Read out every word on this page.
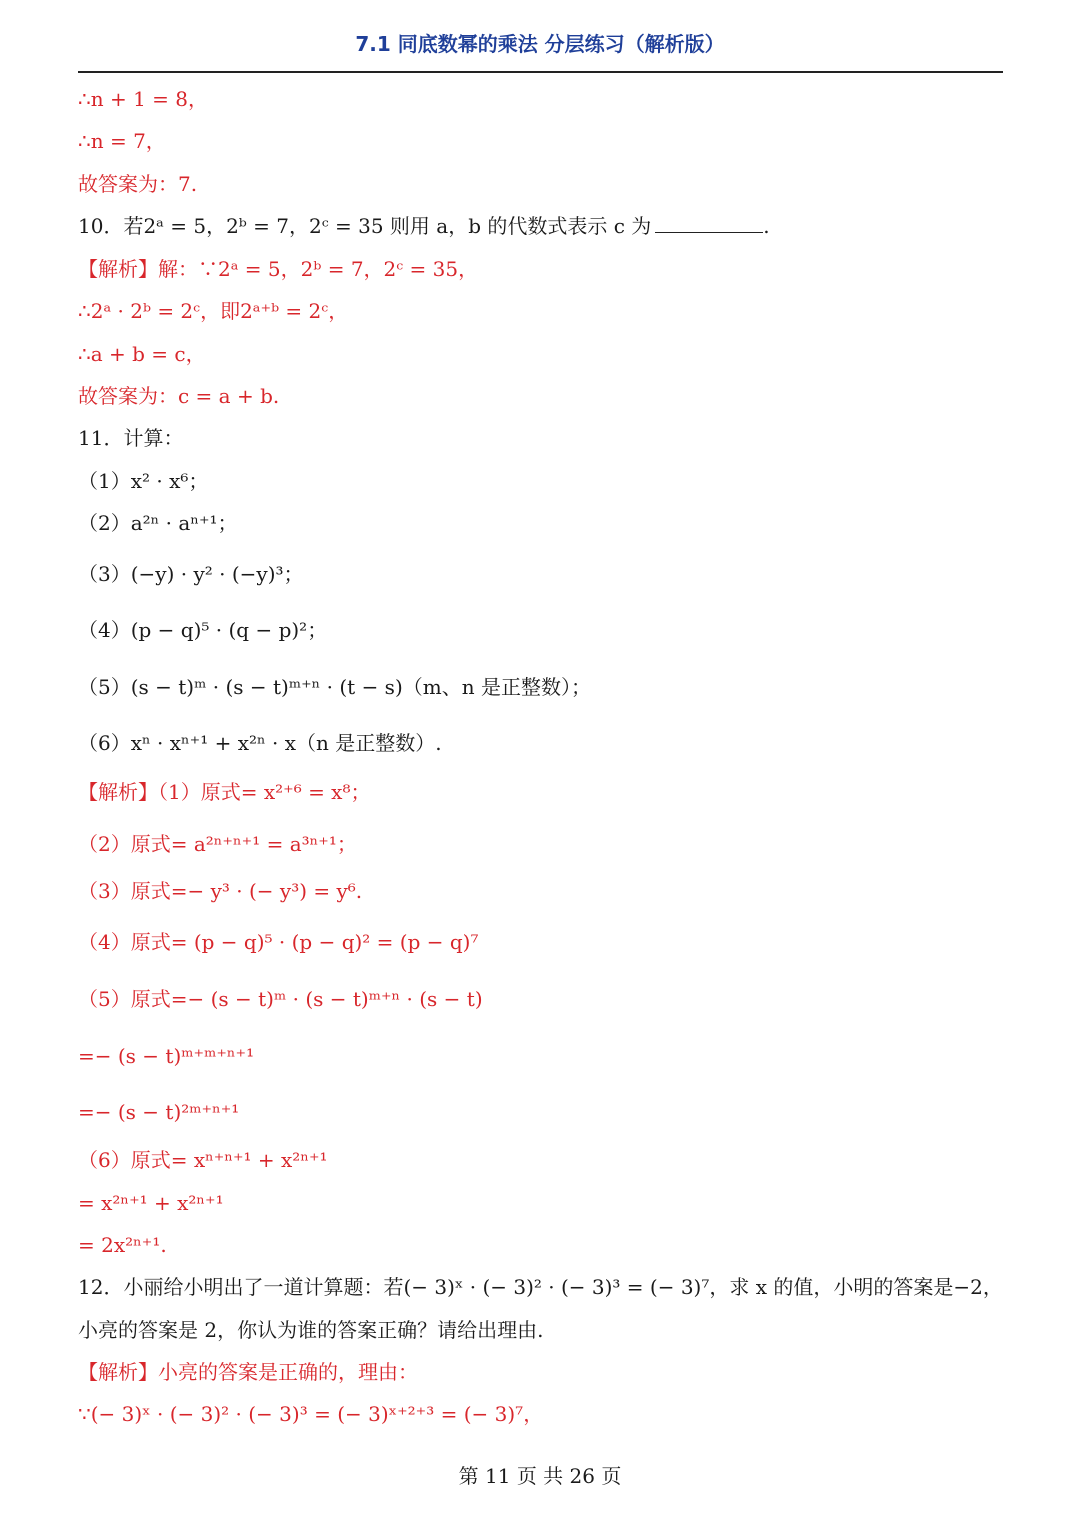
7.1 同底数幂的乘法 分层练习（解析版）
∴n + 1 = 8，
∴n = 7，
故答案为：7.
10．若2ᵃ = 5，2ᵇ = 7，2ᶜ = 35 则用 a，b 的代数式表示 c 为	.
【解析】解：∵2ᵃ = 5，2ᵇ = 7，2ᶜ = 35，
∴2ᵃ · 2ᵇ = 2ᶜ，即2ᵃ⁺ᵇ = 2ᶜ，
∴a + b = c，
故答案为：c = a + b.
11．计算：
（1）x² · x⁶；
（2）a²ⁿ · aⁿ⁺¹；
（3）(−y) · y² · (−y)³；
（4）(p − q)⁵ · (q − p)²；
（5）(s − t)ᵐ · (s − t)ᵐ⁺ⁿ · (t − s)（m、n 是正整数）；
（6）xⁿ · xⁿ⁺¹ + x²ⁿ · x（n 是正整数）.
【解析】（1）原式= x²⁺⁶ = x⁸；
（2）原式= a²ⁿ⁺ⁿ⁺¹ = a³ⁿ⁺¹；
（3）原式=− y³ · (− y³) = y⁶.
（4）原式= (p − q)⁵ · (p − q)² = (p − q)⁷
（5）原式=− (s − t)ᵐ · (s − t)ᵐ⁺ⁿ · (s − t)
=− (s − t)ᵐ⁺ᵐ⁺ⁿ⁺¹
=− (s − t)²ᵐ⁺ⁿ⁺¹
（6）原式= xⁿ⁺ⁿ⁺¹ + x²ⁿ⁺¹
= x²ⁿ⁺¹ + x²ⁿ⁺¹
= 2x²ⁿ⁺¹.
12．小丽给小明出了一道计算题：若(− 3)ˣ · (− 3)² · (− 3)³ = (− 3)⁷，求 x 的值，小明的答案是−2，
小亮的答案是 2，你认为谁的答案正确？请给出理由.
【解析】小亮的答案是正确的，理由：
∵(− 3)ˣ · (− 3)² · (− 3)³ = (− 3)ˣ⁺²⁺³ = (− 3)⁷，
第 11 页 共 26 页
